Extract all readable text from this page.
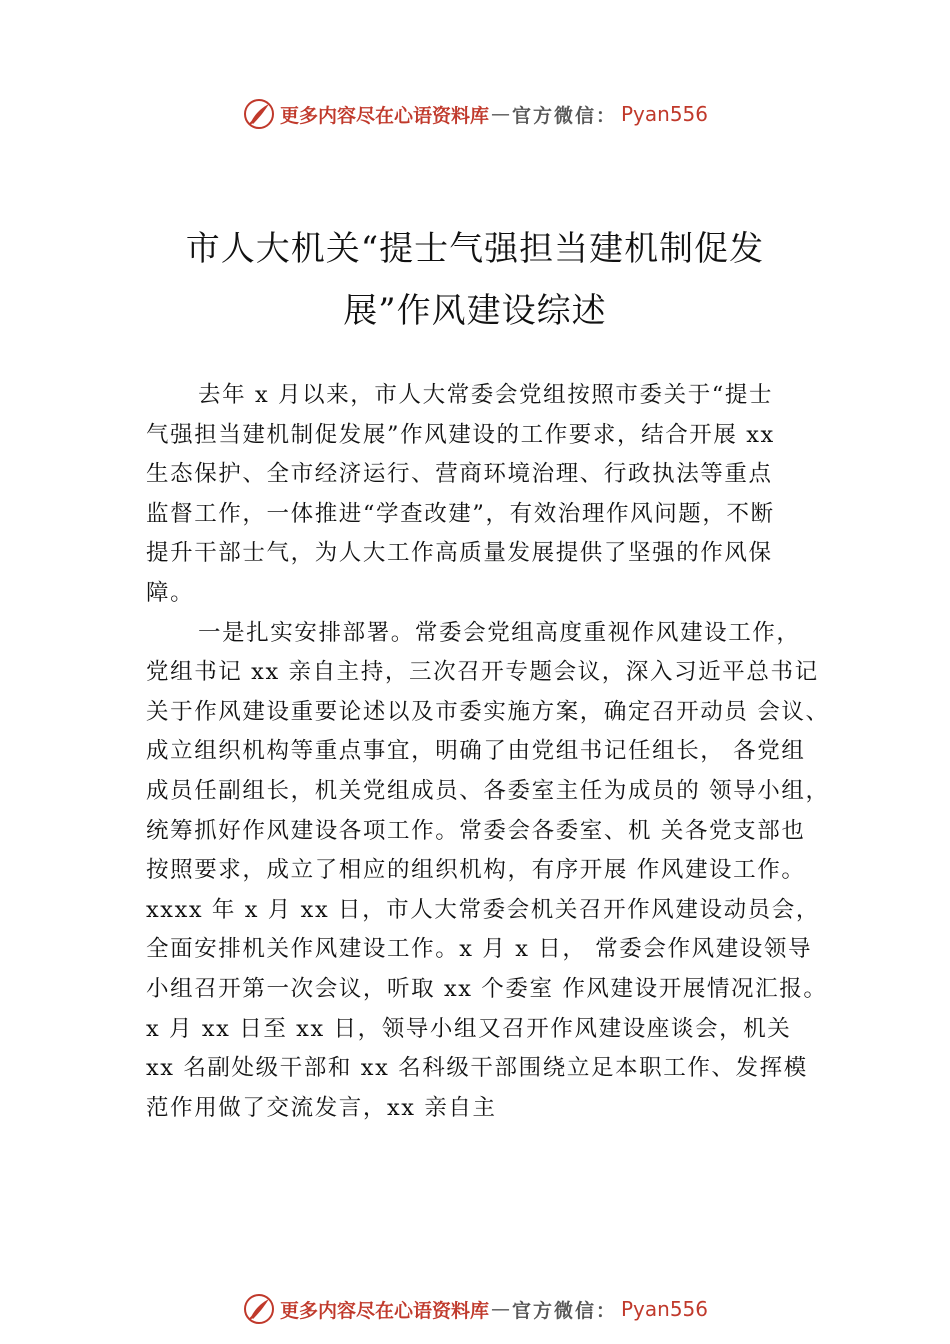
更多内容尽在心语资料库 — 官方微信： Pyan556
市人大机关“提士气强担当建机制促发
展”作风建设综述
去年 x 月以来，市人大常委会党组按照市委关于“提士
气强担当建机制促发展”作风建设的工作要求，结合开展 xx
生态保护、全市经济运行、营商环境治理、行政执法等重点
监督工作，一体推进“学查改建”，有效治理作风问题，不断
提升干部士气，为人大工作高质量发展提供了坚强的作风保
障。
一是扎实安排部署。常委会党组高度重视作风建设工作，
党组书记 xx 亲自主持，三次召开专题会议，深入习近平总书记
关于作风建设重要论述以及市委实施方案，确定召开动员 会议、
成立组织机构等重点事宜，明确了由党组书记任组长， 各党组
成员任副组长，机关党组成员、各委室主任为成员的 领导小组，
统筹抓好作风建设各项工作。常委会各委室、机 关各党支部也
按照要求，成立了相应的组织机构，有序开展 作风建设工作。
xxxx 年 x 月 xx 日，市人大常委会机关召开作风建设动员会，
全面安排机关作风建设工作。x 月 x 日， 常委会作风建设领导
小组召开第一次会议，听取 xx 个委室 作风建设开展情况汇报。
x 月 xx 日至 xx 日，领导小组又召开作风建设座谈会，机关
xx 名副处级干部和 xx 名科级干部围绕立足本职工作、发挥模
范作用做了交流发言，xx 亲自主
更多内容尽在心语资料库 — 官方微信： Pyan556
